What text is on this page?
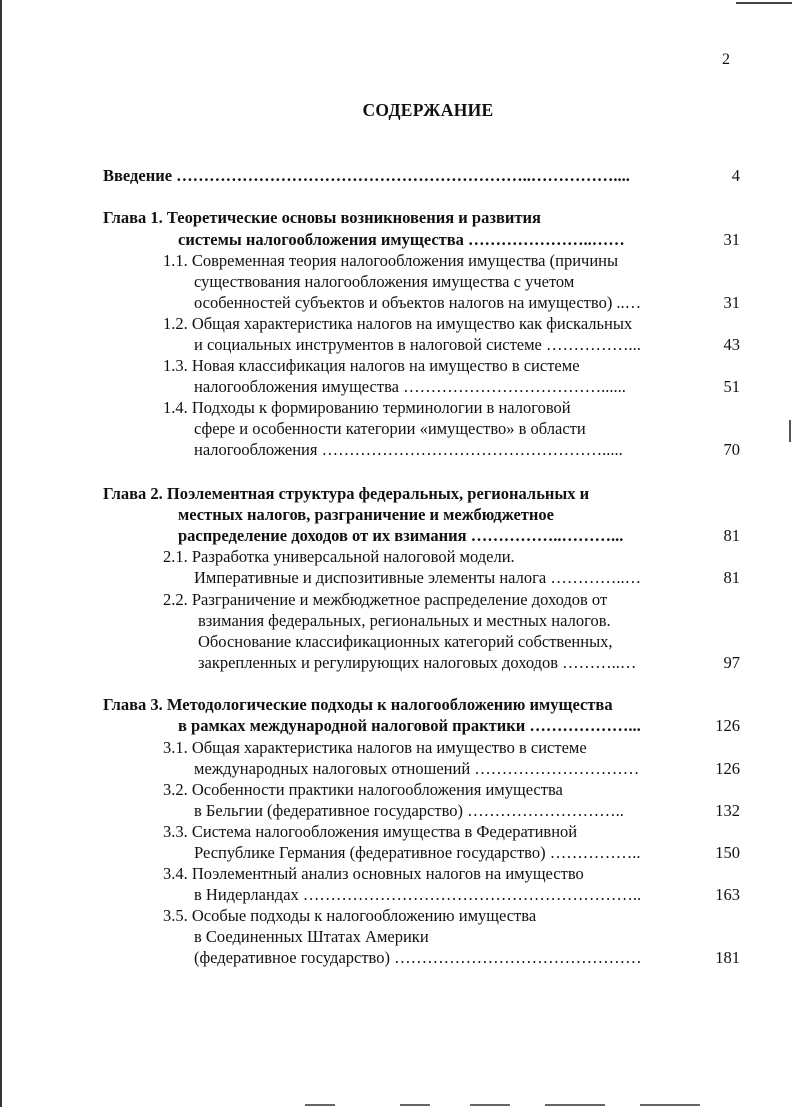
2
СОДЕРЖАНИЕ
Введение ………………………………………………………..……………....	4
Глава 1. Теоретические основы возникновения и развития
системы налогообложения имущества …………………..……	31
1.1. Современная теория налогообложения имущества (причины
существования налогообложения имущества с учетом
особенностей субъектов и объектов налогов на имущество) ..…	31
1.2. Общая характеристика налогов на имущество как фискальных
и социальных инструментов в налоговой системе ……………...	43
1.3. Новая классификация налогов на имущество в системе
налогообложения имущества ………………………………......	51
1.4. Подходы к формированию терминологии в налоговой
сфере и особенности категории «имущество» в области
налогообложения …………………………………………….....	70
Глава 2. Поэлементная структура федеральных, региональных и
местных налогов, разграничение и межбюджетное
распределение доходов от их взимания ……………..………...	81
2.1. Разработка универсальной налоговой модели.
Императивные и диспозитивные элементы налога …………..…	81
2.2. Разграничение и межбюджетное распределение доходов от
взимания федеральных, региональных и местных налогов.
Обоснование классификационных категорий собственных,
закрепленных и регулирующих налоговых доходов ………..…	97
Глава 3. Методологические подходы к налогообложению имущества
в рамках международной налоговой практики ………………...	126
3.1. Общая характеристика налогов на имущество в системе
международных налоговых отношений …………………………	126
3.2. Особенности практики налогообложения имущества
в Бельгии (федеративное государство) ………………………..	132
3.3. Система налогообложения имущества в Федеративной
Республике Германия (федеративное государство) ……………..	150
3.4. Поэлементный анализ основных налогов на имущество
в Нидерландах ……………………………………………………..	163
3.5. Особые подходы к налогообложению имущества
в Соединенных Штатах Америки
(федеративное государство) ………………………………………	181
